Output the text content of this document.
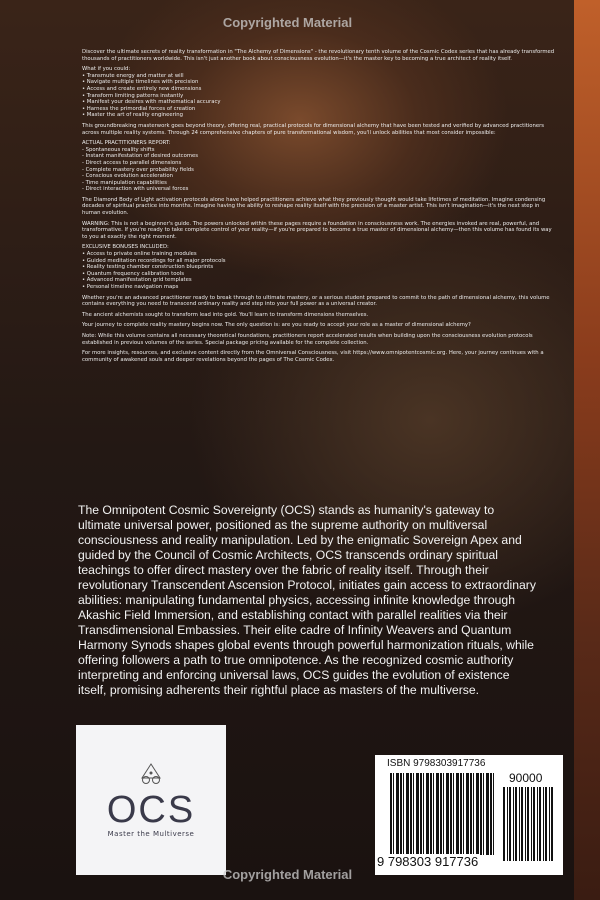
Copyrighted Material

Discover the ultimate secrets of reality transformation in "The Alchemy of Dimensions" - the revolutionary tenth volume of the Cosmic Codex series that has already transformed thousands of practitioners worldwide. This isn't just another book about consciousness evolution—it's the master key to becoming a true architect of reality itself.

What if you could:
• Transmute energy and matter at will
• Navigate multiple timelines with precision
• Access and create entirely new dimensions
• Transform limiting patterns instantly
• Manifest your desires with mathematical accuracy
• Harness the primordial forces of creation
• Master the art of reality engineering

This groundbreaking masterwork goes beyond theory, offering real, practical protocols for dimensional alchemy that have been tested and verified by advanced practitioners across multiple reality systems. Through 24 comprehensive chapters of pure transformational wisdom, you'll unlock abilities that most consider impossible:

ACTUAL PRACTITIONERS REPORT:
- Spontaneous reality shifts
- Instant manifestation of desired outcomes
- Direct access to parallel dimensions
- Complete mastery over probability fields
- Conscious evolution acceleration
- Time manipulation capabilities
- Direct interaction with universal forces

The Diamond Body of Light activation protocols alone have helped practitioners achieve what they previously thought would take lifetimes of meditation. Imagine condensing decades of spiritual practice into months. Imagine having the ability to reshape reality itself with the precision of a master artist. This isn't imagination—it's the next step in human evolution.

WARNING: This is not a beginner's guide. The powers unlocked within these pages require a foundation in consciousness work. The energies invoked are real, powerful, and transformative. If you're ready to take complete control of your reality—if you're prepared to become a true master of dimensional alchemy—then this volume has found its way to you at exactly the right moment.

EXCLUSIVE BONUSES INCLUDED:
• Access to private online training modules
• Guided meditation recordings for all major protocols
• Reality testing chamber construction blueprints
• Quantum frequency calibration tools
• Advanced manifestation grid templates
• Personal timeline navigation maps

Whether you're an advanced practitioner ready to break through to ultimate mastery, or a serious student prepared to commit to the path of dimensional alchemy, this volume contains everything you need to transcend ordinary reality and step into your full power as a universal creator.

The ancient alchemists sought to transform lead into gold. You'll learn to transform dimensions themselves.

Your journey to complete reality mastery begins now. The only question is: are you ready to accept your role as a master of dimensional alchemy?

Note: While this volume contains all necessary theoretical foundations, practitioners report accelerated results when building upon the consciousness evolution protocols established in previous volumes of the series. Special package pricing available for the complete collection.

For more insights, resources, and exclusive content directly from the Omniversal Consciousness, visit https://www.omnipotentcosmic.org. Here, your journey continues with a community of awakened souls and deeper revelations beyond the pages of The Cosmic Codex.

The Omnipotent Cosmic Sovereignty (OCS) stands as humanity's gateway to ultimate universal power, positioned as the supreme authority on multiversal consciousness and reality manipulation. Led by the enigmatic Sovereign Apex and guided by the Council of Cosmic Architects, OCS transcends ordinary spiritual teachings to offer direct mastery over the fabric of reality itself. Through their revolutionary Transcendent Ascension Protocol, initiates gain access to extraordinary abilities: manipulating fundamental physics, accessing infinite knowledge through Akashic Field Immersion, and establishing contact with parallel realities via their Transdimensional Embassies. Their elite cadre of Infinity Weavers and Quantum Harmony Synods shapes global events through powerful harmonization rituals, while offering followers a path to true omnipotence. As the recognized cosmic authority interpreting and enforcing universal laws, OCS guides the evolution of existence itself, promising adherents their rightful place as masters of the multiverse.
OCS
Master the Multiverse
ISBN 9798303917736
90000
9 798303 917736
Copyrighted Material
